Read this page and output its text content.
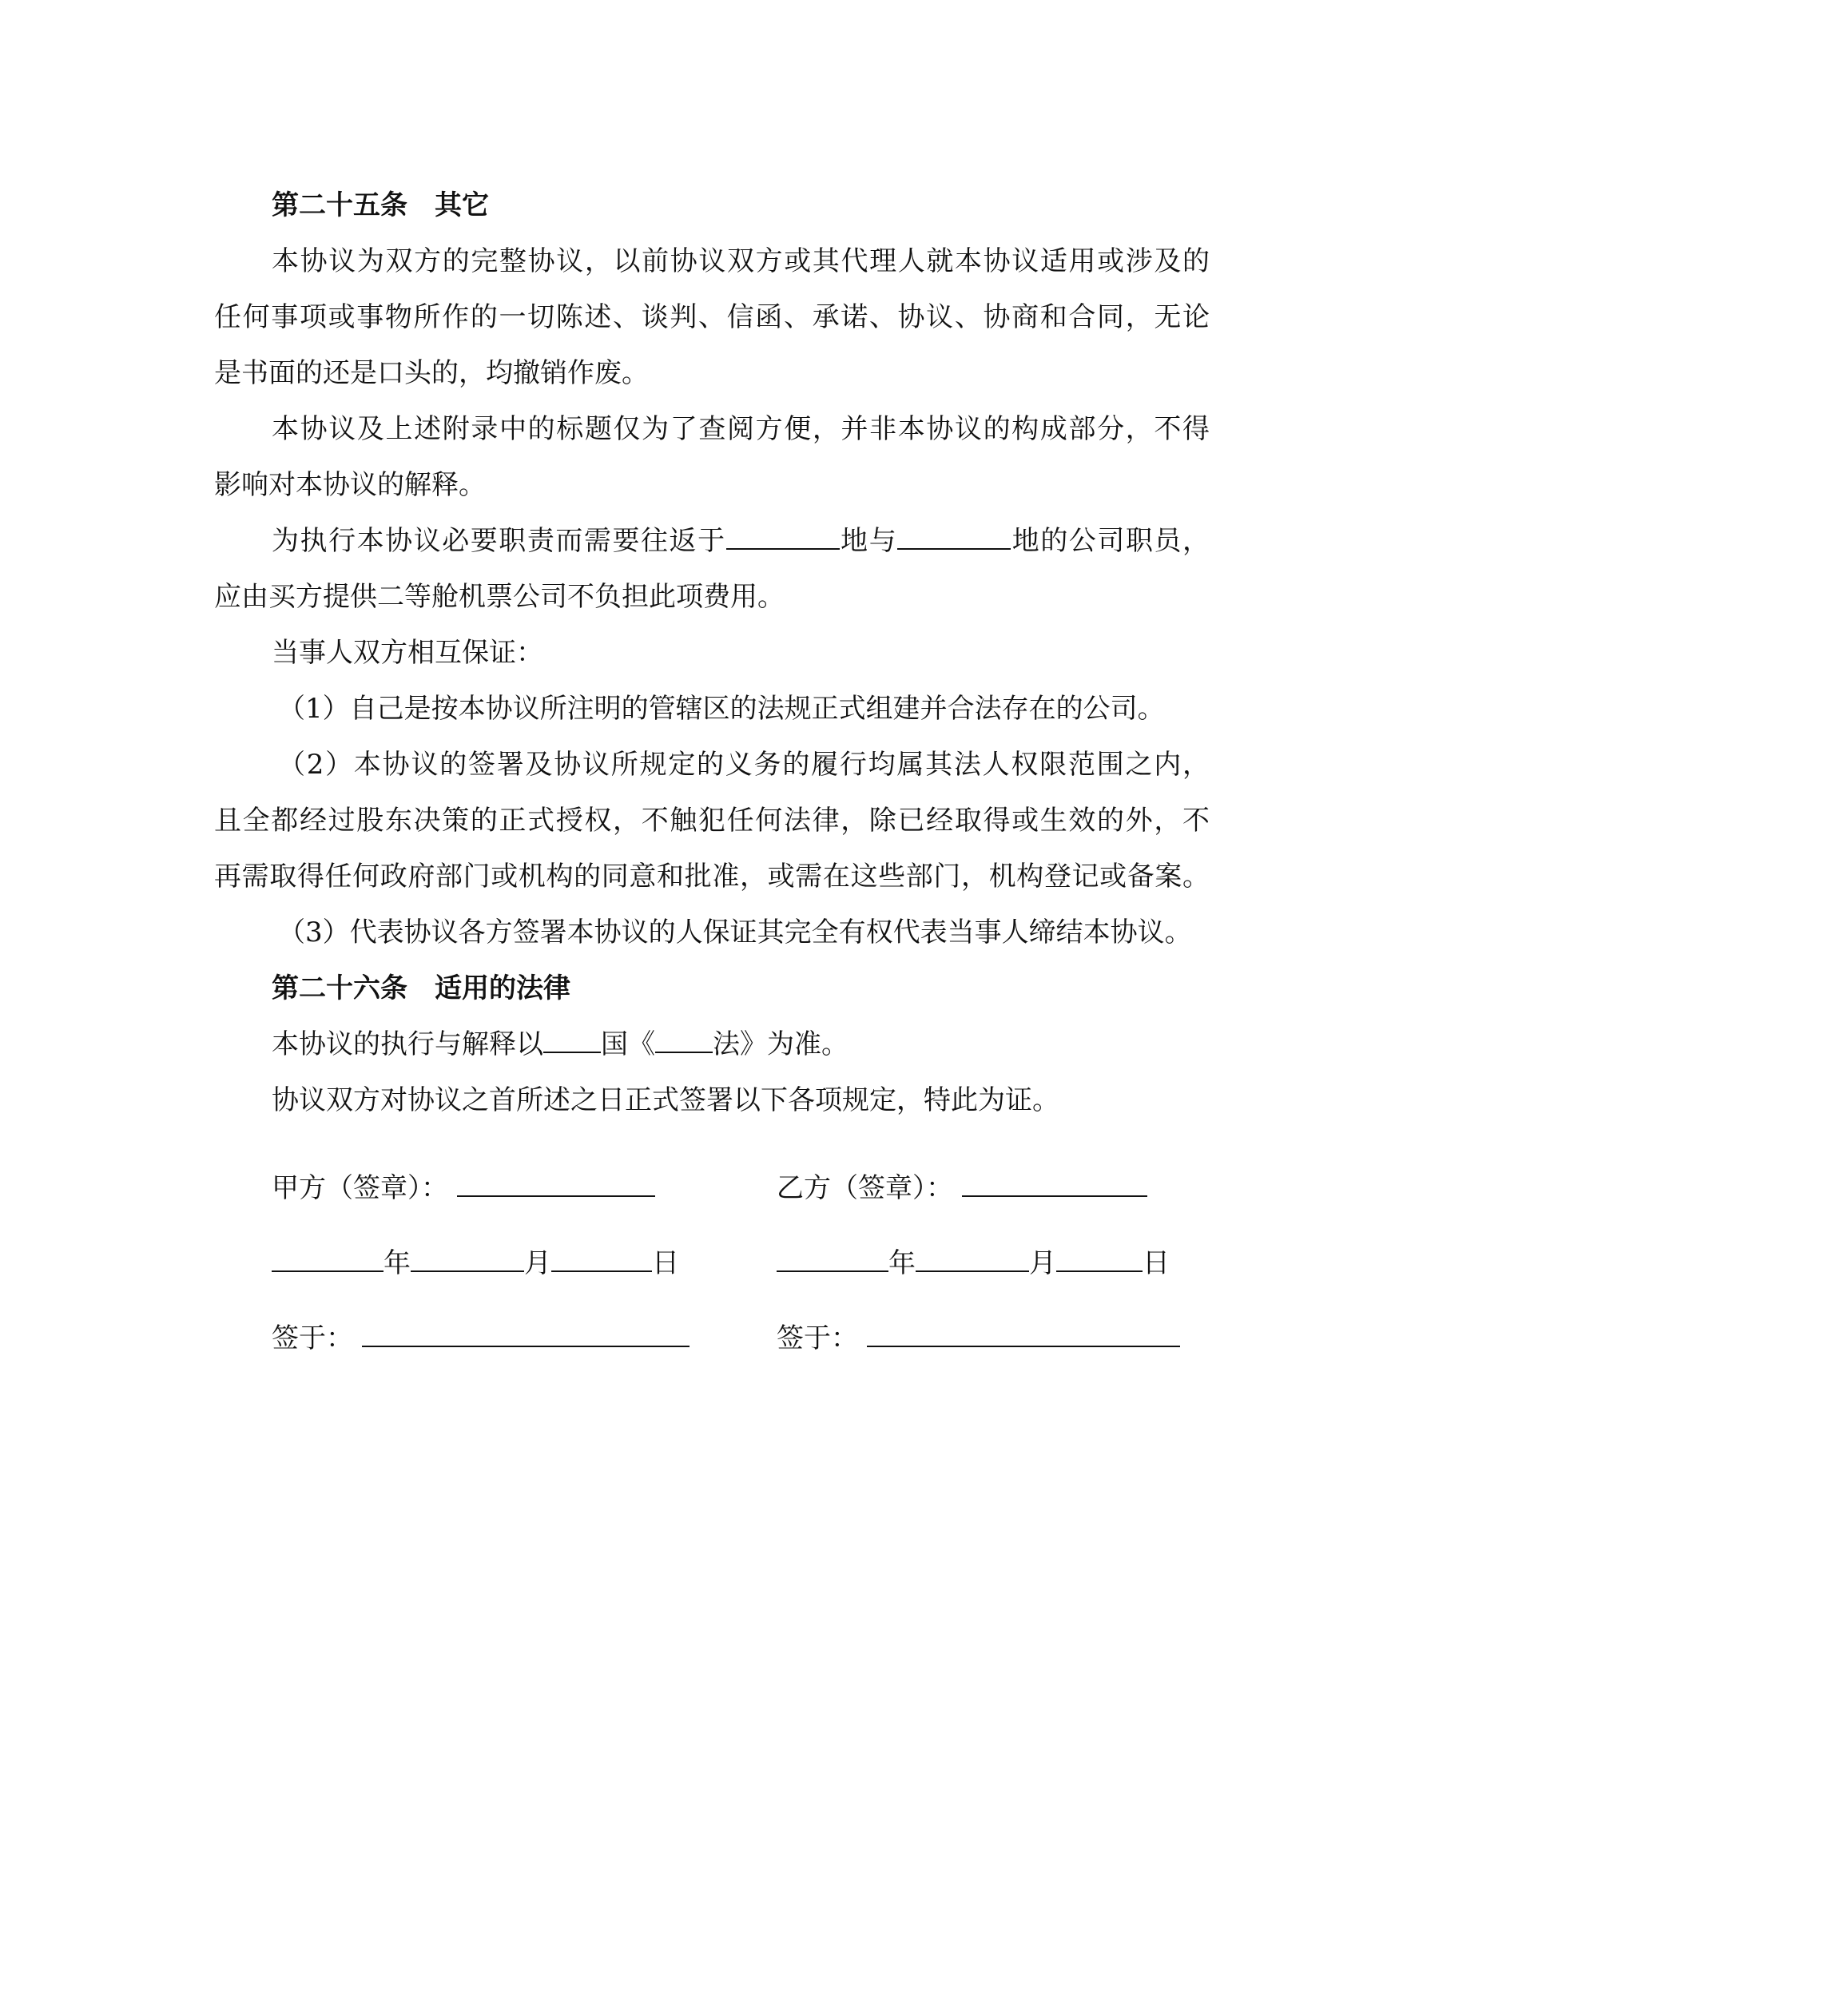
第二十五条　其它
本协议为双方的完整协议，以前协议双方或其代理人就本协议适用或涉及的
任何事项或事物所作的一切陈述、谈判、信函、承诺、协议、协商和合同，无论
是书面的还是口头的，均撤销作废。
本协议及上述附录中的标题仅为了查阅方便，并非本协议的构成部分，不得
影响对本协议的解释。
为执行本协议必要职责而需要往返于	地与	地的公司职员，
应由买方提供二等舱机票公司不负担此项费用。
当事人双方相互保证：
（1）自己是按本协议所注明的管辖区的法规正式组建并合法存在的公司。
（2）本协议的签署及协议所规定的义务的履行均属其法人权限范围之内，
且全都经过股东决策的正式授权，不触犯任何法律，除已经取得或生效的外，不
再需取得任何政府部门或机构的同意和批准，或需在这些部门，机构登记或备案。
（3）代表协议各方签署本协议的人保证其完全有权代表当事人缔结本协议。
第二十六条　适用的法律
本协议的执行与解释以 国《 法》为准。
协议双方对协议之首所述之日正式签署以下各项规定，特此为证。
甲方（签章）：	乙方（签章）：
年	月	日	年	月	日
签于：	签于：
